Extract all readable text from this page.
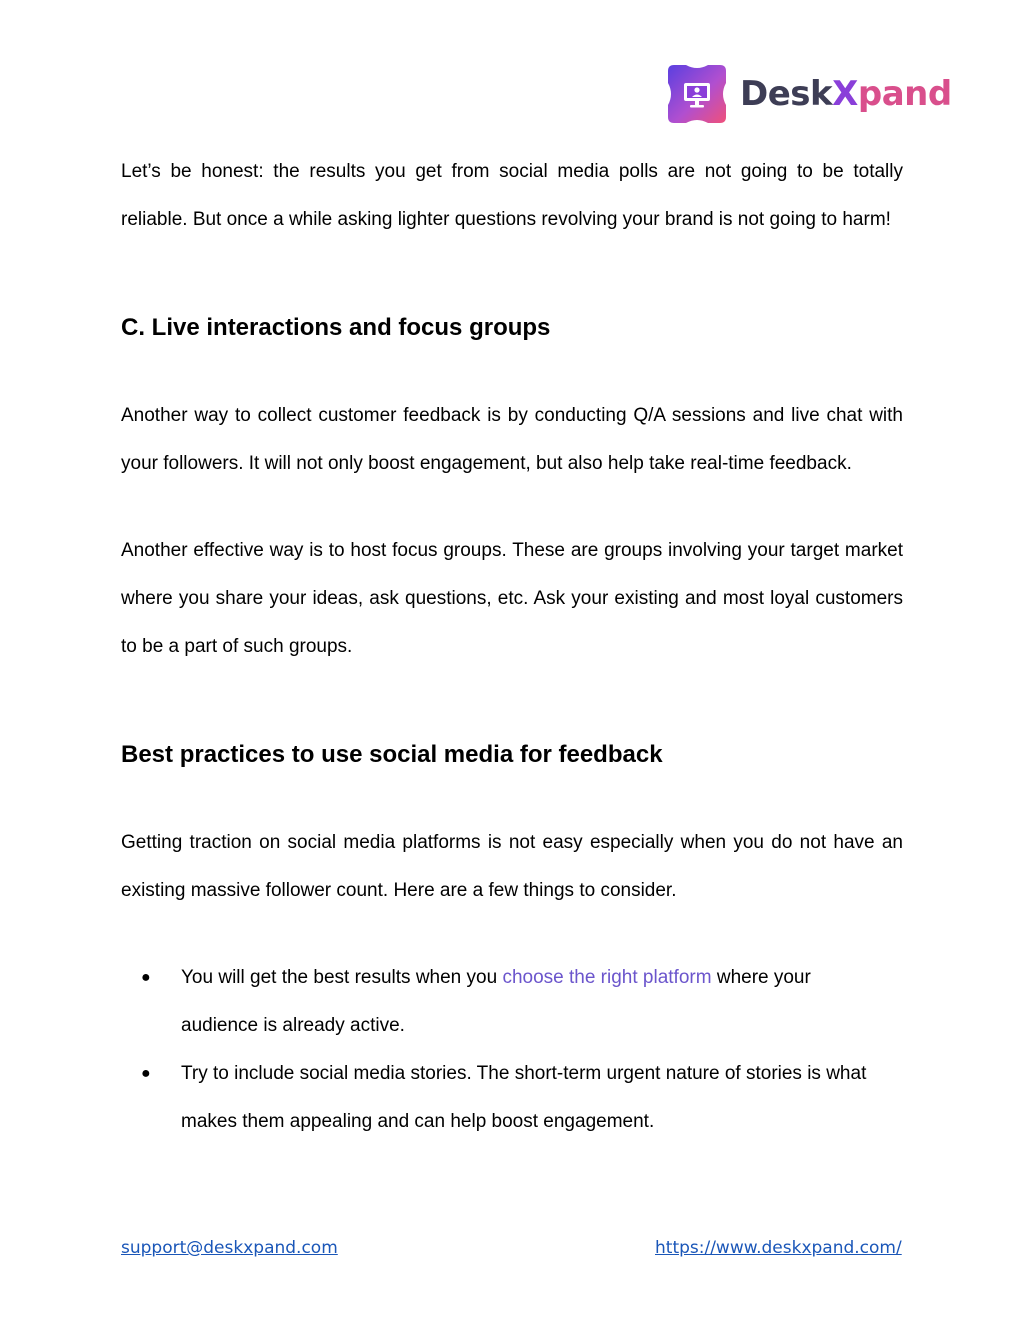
DeskXpand

Let’s be honest: the results you get from social media polls are not going to be totally reliable. But once a while asking lighter questions revolving your brand is not going to harm!

C. Live interactions and focus groups

Another way to collect customer feedback is by conducting Q/A sessions and live chat with your followers. It will not only boost engagement, but also help take real-time feedback.

Another effective way is to host focus groups. These are groups involving your target market where you share your ideas, ask questions, etc. Ask your existing and most loyal customers to be a part of such groups.

Best practices to use social media for feedback

Getting traction on social media platforms is not easy especially when you do not have an existing massive follower count. Here are a few things to consider.

● You will get the best results when you choose the right platform where your audience is already active.
● Try to include social media stories. The short-term urgent nature of stories is what makes them appealing and can help boost engagement.
support@deskxpand.com	https://www.deskxpand.com/
